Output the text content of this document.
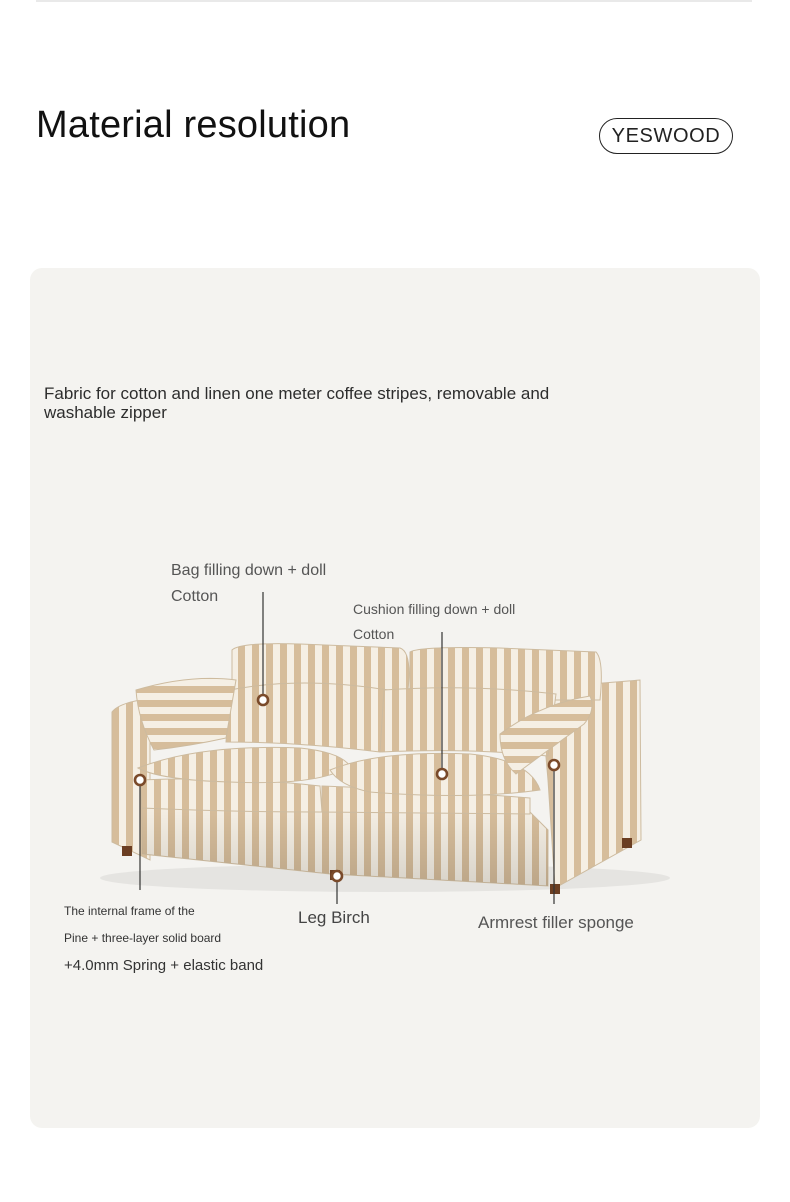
Material resolution	YESWOOD
Fabric for cotton and linen one meter coffee stripes, removable and washable zipper
Bag filling down + doll
Cotton
Cushion filling down + doll
Cotton
The internal frame of the
Pine + three-layer solid board
+4.0mm Spring + elastic band
Leg Birch	Armrest filler sponge
